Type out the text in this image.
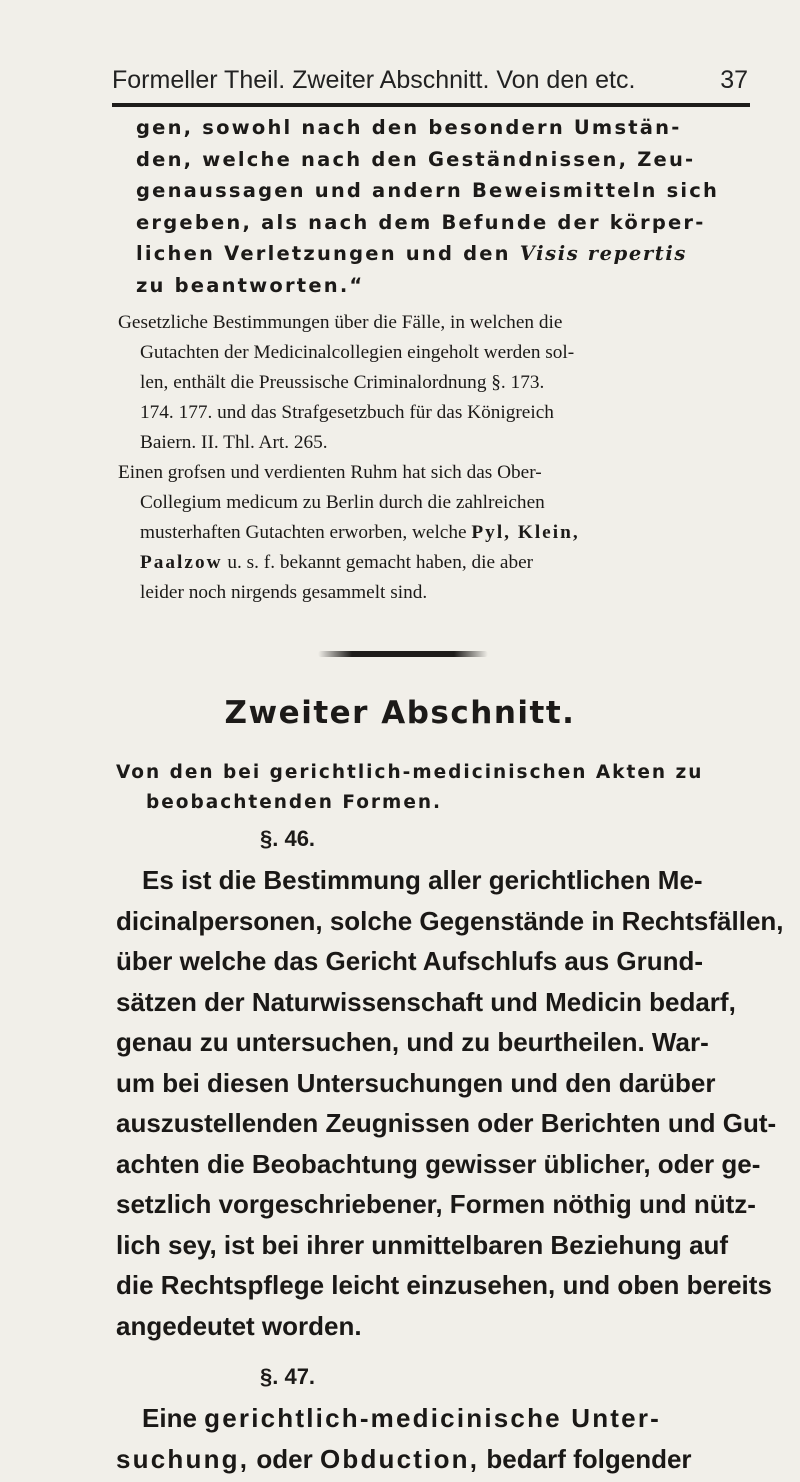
Formeller Theil. Zweiter Abschnitt. Von den etc.	37
gen, sowohl nach den besondern Umstän-
den, welche nach den Geständnissen, Zeu-
genaussagen und andern Beweismitteln sich
ergeben, als nach dem Befunde der körper-
lichen Verletzungen und den Visis repertis
zu beantworten.“
Gesetzliche Bestimmungen über die Fälle, in welchen die
Gutachten der Medicinalcollegien eingeholt werden sol-
len, enthält die Preussische Criminalordnung §. 173.
174. 177. und das Strafgesetzbuch für das Königreich
Baiern. II. Thl. Art. 265.
Einen grofsen und verdienten Ruhm hat sich das Ober-
Collegium medicum zu Berlin durch die zahlreichen
musterhaften Gutachten erworben, welche Pyl, Klein,
Paalzow u. s. f. bekannt gemacht haben, die aber
leider noch nirgends gesammelt sind.
Zweiter Abschnitt.
Von den bei gerichtlich-medicinischen Akten zu
beobachtenden Formen.
§. 46.
Es ist die Bestimmung aller gerichtlichen Me-
dicinalpersonen, solche Gegenstände in Rechtsfällen,
über welche das Gericht Aufschlufs aus Grund-
sätzen der Naturwissenschaft und Medicin bedarf,
genau zu untersuchen, und zu beurtheilen. War-
um bei diesen Untersuchungen und den darüber
auszustellenden Zeugnissen oder Berichten und Gut-
achten die Beobachtung gewisser üblicher, oder ge-
setzlich vorgeschriebener, Formen nöthig und nütz-
lich sey, ist bei ihrer unmittelbaren Beziehung auf
die Rechtspflege leicht einzusehen, und oben bereits
angedeutet worden.
§. 47.
Eine gerichtlich-medicinische Unter-
suchung, oder Obduction, bedarf folgender
